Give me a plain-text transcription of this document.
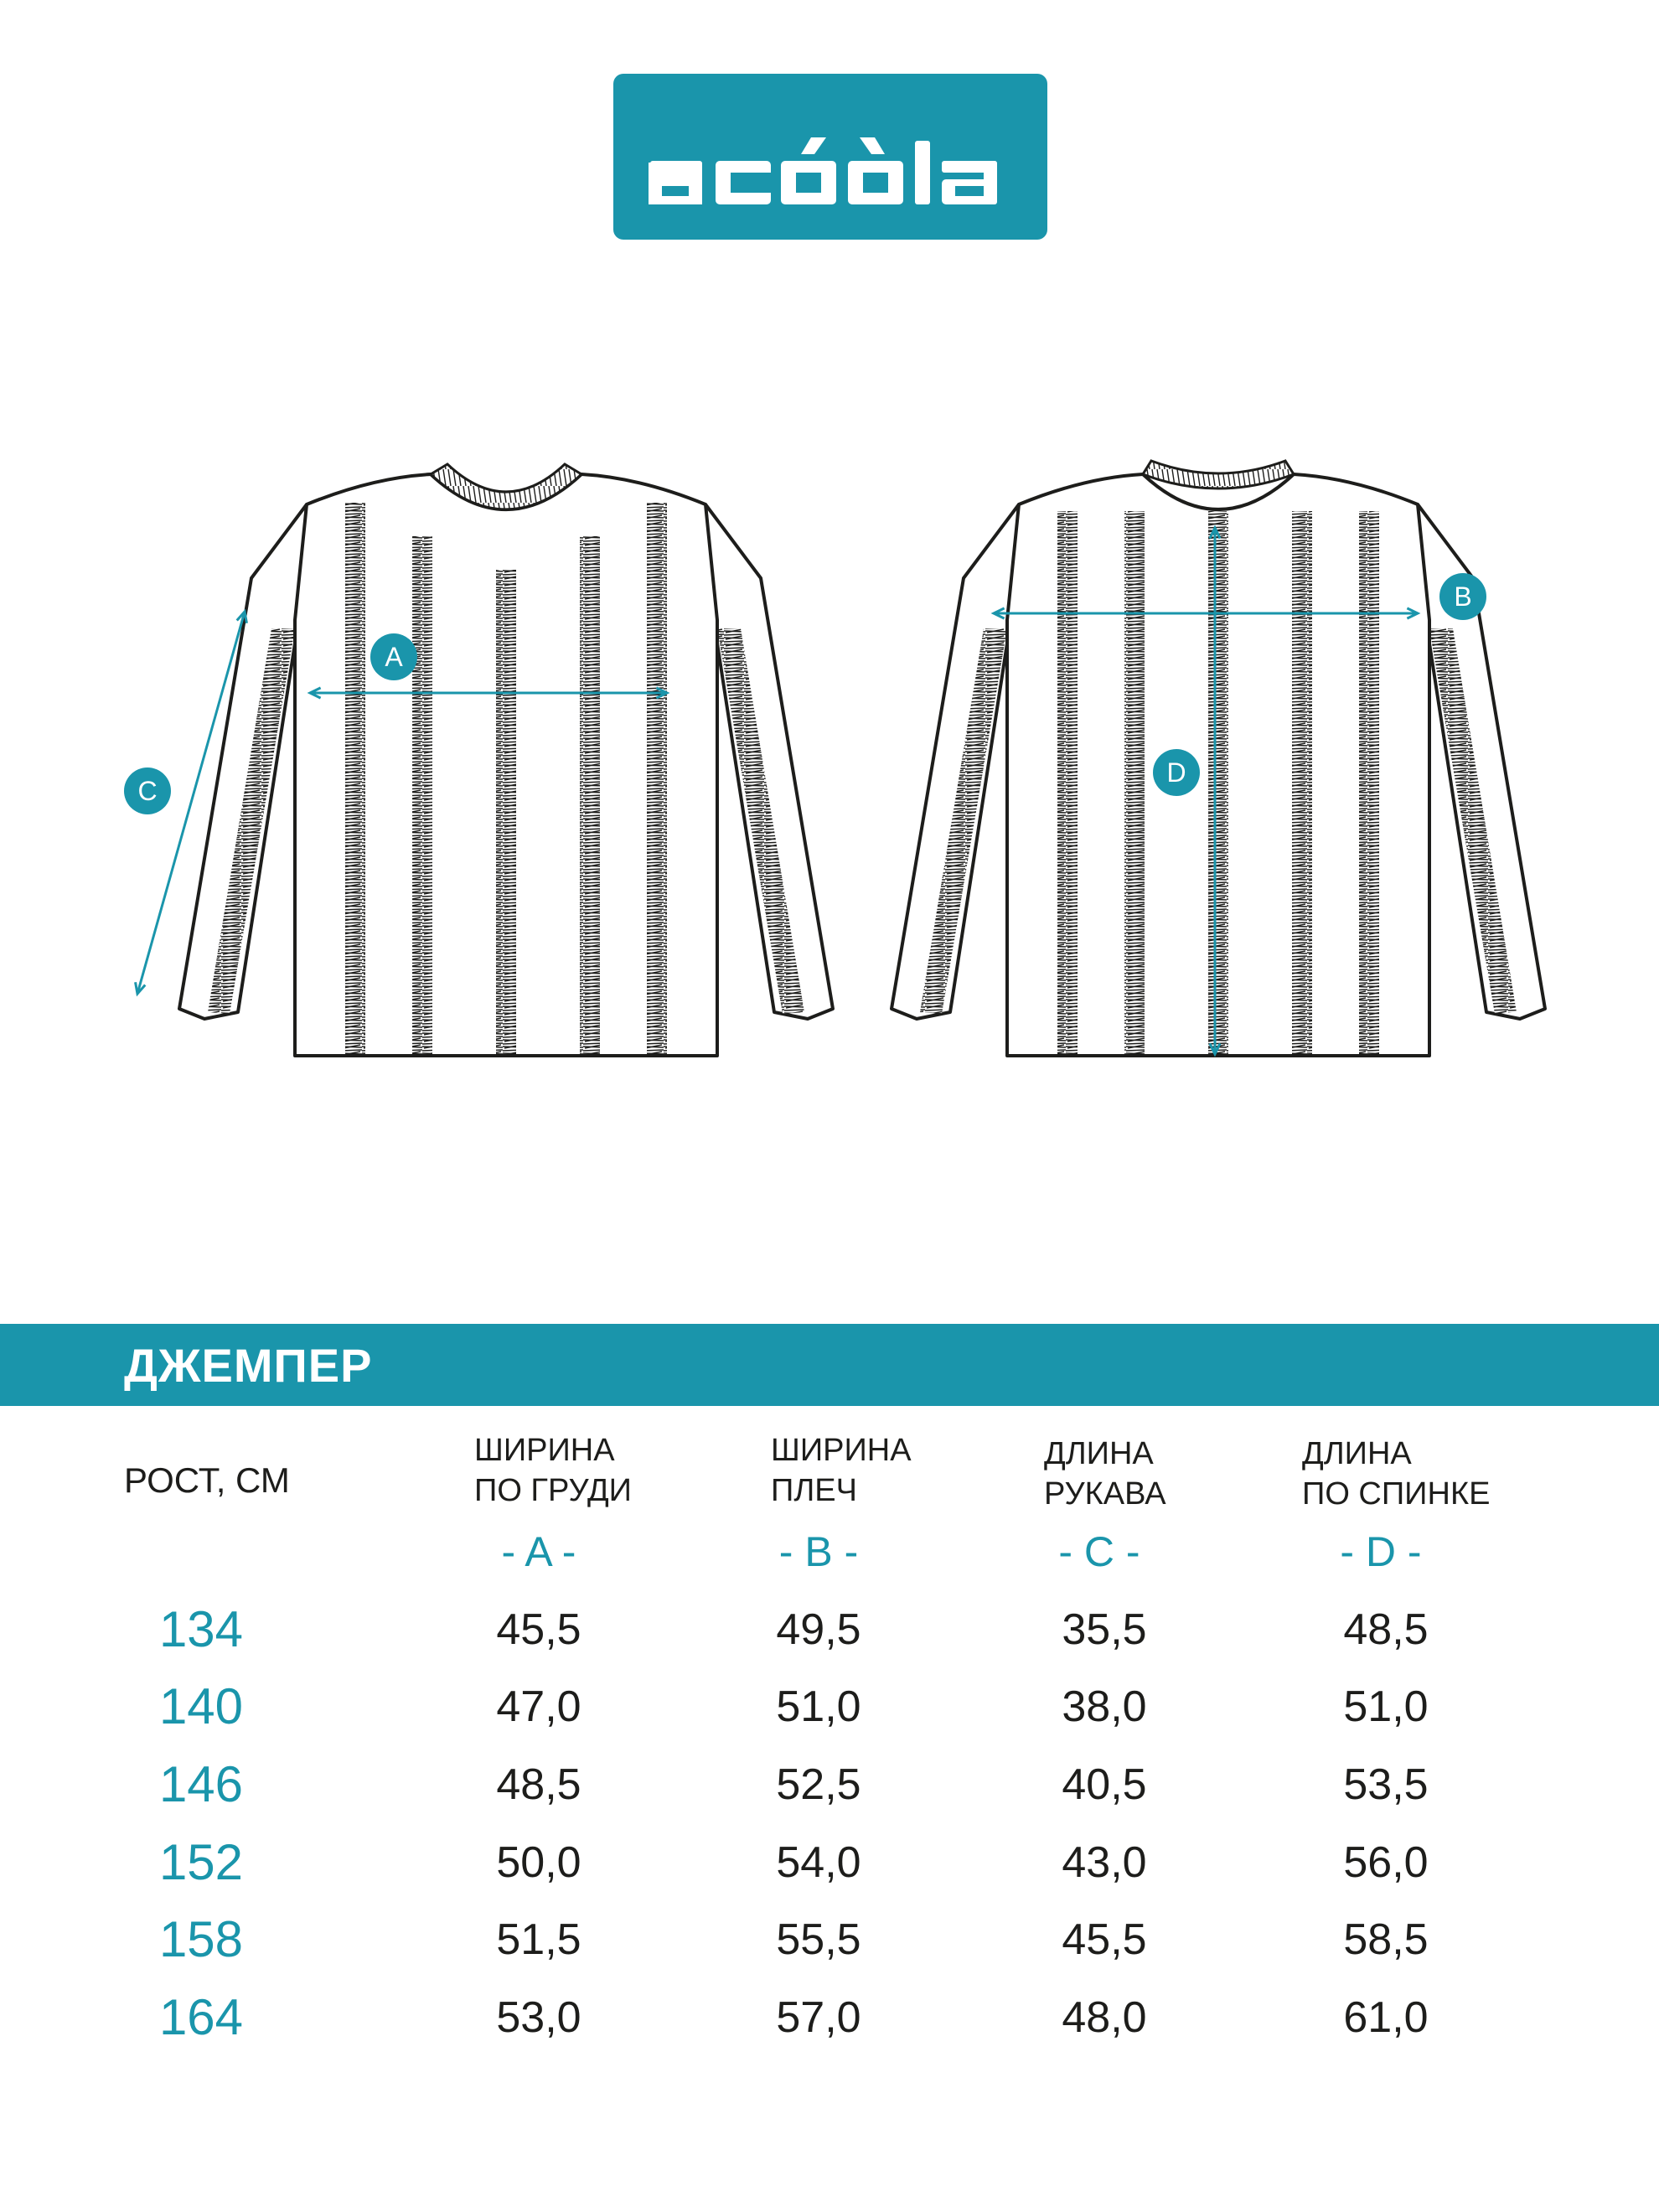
A
C
B
D
ДЖЕМПЕР
РОСТ, СМ
ШИРИНА
ПО ГРУДИ
- A -
ШИРИНА
ПЛЕЧ
- B -
ДЛИНА
РУКАВА
- C -
ДЛИНА
ПО СПИНКЕ
- D -
134	45,5	49,5	35,5	48,5
140	47,0	51,0	38,0	51,0
146	48,5	52,5	40,5	53,5
152	50,0	54,0	43,0	56,0
158	51,5	55,5	45,5	58,5
164	53,0	57,0	48,0	61,0
